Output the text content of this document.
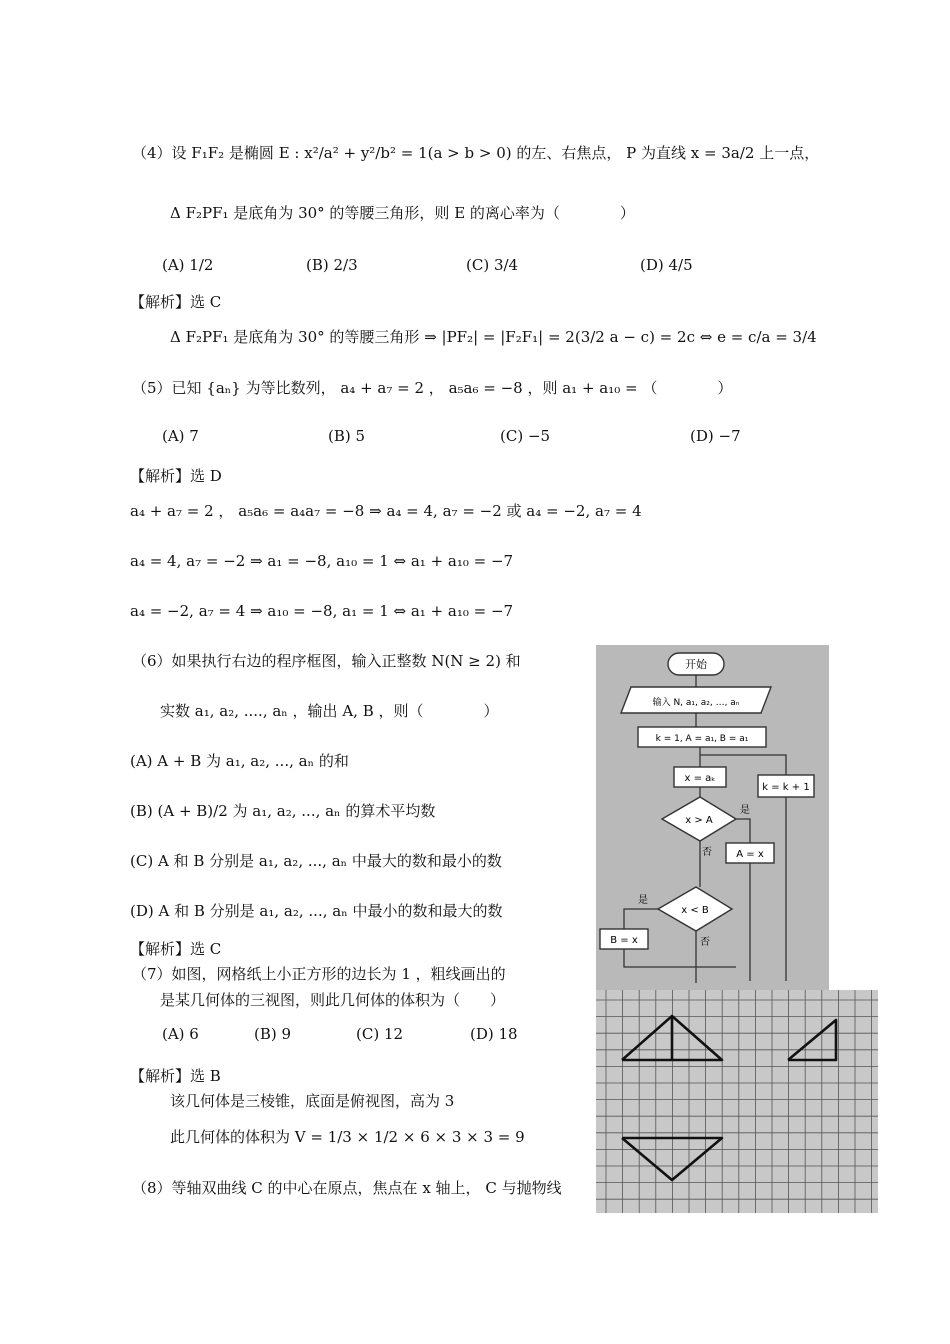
（4）设 F₁F₂ 是椭圆 E : x²/a² + y²/b² = 1(a > b > 0) 的左、右焦点， P 为直线 x = 3a/2 上一点，
Δ F₂PF₁ 是底角为 30° 的等腰三角形，则 E 的离心率为（　　　　）
(A) 1/2	(B) 2/3	(C) 3/4	(D) 4/5
【解析】选 C
Δ F₂PF₁ 是底角为 30° 的等腰三角形 ⇒ |PF₂| = |F₂F₁| = 2(3/2 a − c) = 2c ⇔ e = c/a = 3/4
（5）已知 {aₙ} 为等比数列， a₄ + a₇ = 2 ， a₅a₆ = −8 ，则 a₁ + a₁₀ = （　　　　）
(A) 7	(B) 5	(C) −5	(D) −7
【解析】选 D
a₄ + a₇ = 2 ， a₅a₆ = a₄a₇ = −8 ⇒ a₄ = 4, a₇ = −2 或 a₄ = −2, a₇ = 4
a₄ = 4, a₇ = −2 ⇒ a₁ = −8, a₁₀ = 1 ⇔ a₁ + a₁₀ = −7
a₄ = −2, a₇ = 4 ⇒ a₁₀ = −8, a₁ = 1 ⇔ a₁ + a₁₀ = −7
（6）如果执行右边的程序框图，输入正整数 N(N ≥ 2) 和
实数 a₁, a₂, ...., aₙ ，输出 A, B ，则（　　　　）
(A) A + B 为 a₁, a₂, ..., aₙ 的和
(B) (A + B)/2 为 a₁, a₂, ..., aₙ 的算术平均数
(C) A 和 B 分别是 a₁, a₂, ..., aₙ 中最大的数和最小的数
(D) A 和 B 分别是 a₁, a₂, ..., aₙ 中最小的数和最大的数
【解析】选 C
（7）如图，网格纸上小正方形的边长为 1 ，粗线画出的
是某几何体的三视图，则此几何体的体积为（　　）
(A) 6	(B) 9	(C) 12	(D) 18
【解析】选 B
该几何体是三棱锥，底面是俯视图，高为 3
此几何体的体积为 V = 1/3 × 1/2 × 6 × 3 × 3 = 9
（8）等轴双曲线 C 的中心在原点，焦点在 x 轴上， C 与抛物线
开始
输入 N, a₁, a₂, …, aₙ
k = 1, A = a₁, B = a₁
x = aₖ
x > A
A = x
x < B
B = x
k = k + 1
是
否
是
否
